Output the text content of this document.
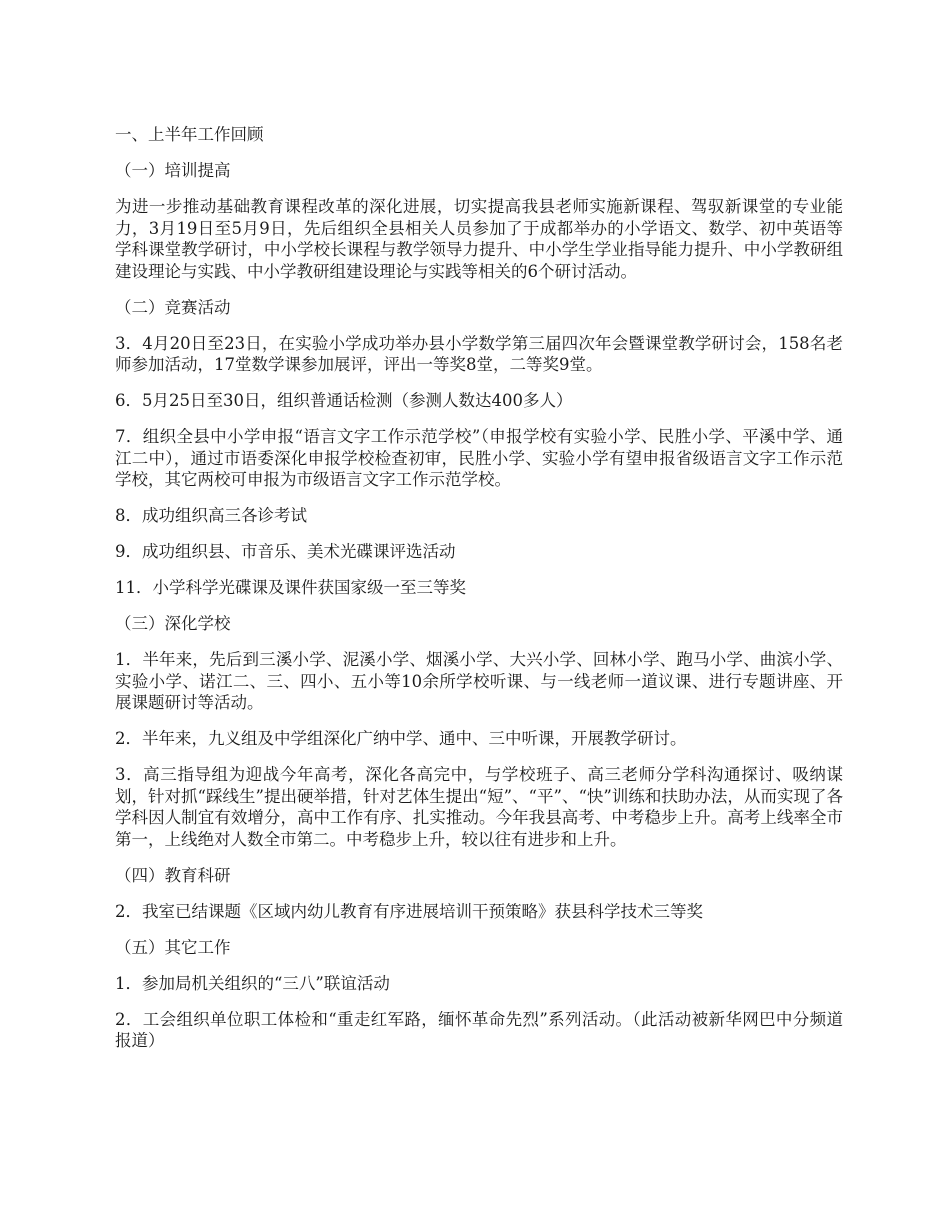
一、上半年工作回顾

（一）培训提高

为进一步推动基础教育课程改革的深化进展，切实提高我县老师实施新课程、驾驭新课堂的专业能力，3月19日至5月9日，先后组织全县相关人员参加了于成都举办的小学语文、数学、初中英语等学科课堂教学研讨，中小学校长课程与教学领导力提升、中小学生学业指导能力提升、中小学教研组建设理论与实践、中小学教研组建设理论与实践等相关的6个研讨活动。

（二）竞赛活动

3．4月20日至23日，在实验小学成功举办县小学数学第三届四次年会暨课堂教学研讨会，158名老师参加活动，17堂数学课参加展评，评出一等奖8堂，二等奖9堂。

6．5月25日至30日，组织普通话检测（参测人数达400多人）

7．组织全县中小学申报“语言文字工作示范学校”（申报学校有实验小学、民胜小学、平溪中学、通江二中），通过市语委深化申报学校检查初审，民胜小学、实验小学有望申报省级语言文字工作示范学校，其它两校可申报为市级语言文字工作示范学校。

8．成功组织高三各诊考试

9．成功组织县、市音乐、美术光碟课评选活动

11．小学科学光碟课及课件获国家级一至三等奖

（三）深化学校

1．半年来，先后到三溪小学、泥溪小学、烟溪小学、大兴小学、回林小学、跑马小学、曲滨小学、实验小学、诺江二、三、四小、五小等10余所学校听课、与一线老师一道议课、进行专题讲座、开展课题研讨等活动。

2．半年来，九义组及中学组深化广纳中学、通中、三中听课，开展教学研讨。

3．高三指导组为迎战今年高考，深化各高完中，与学校班子、高三老师分学科沟通探讨、吸纳谋划，针对抓“踩线生”提出硬举措，针对艺体生提出“短”、“平”、“快”训练和扶助办法，从而实现了各学科因人制宜有效增分，高中工作有序、扎实推动。今年我县高考、中考稳步上升。高考上线率全市第一，上线绝对人数全市第二。中考稳步上升，较以往有进步和上升。

（四）教育科研

2．我室已结课题《区域内幼儿教育有序进展培训干预策略》获县科学技术三等奖

（五）其它工作

1．参加局机关组织的“三八”联谊活动

2．工会组织单位职工体检和“重走红军路，缅怀革命先烈”系列活动。（此活动被新华网巴中分频道报道）
